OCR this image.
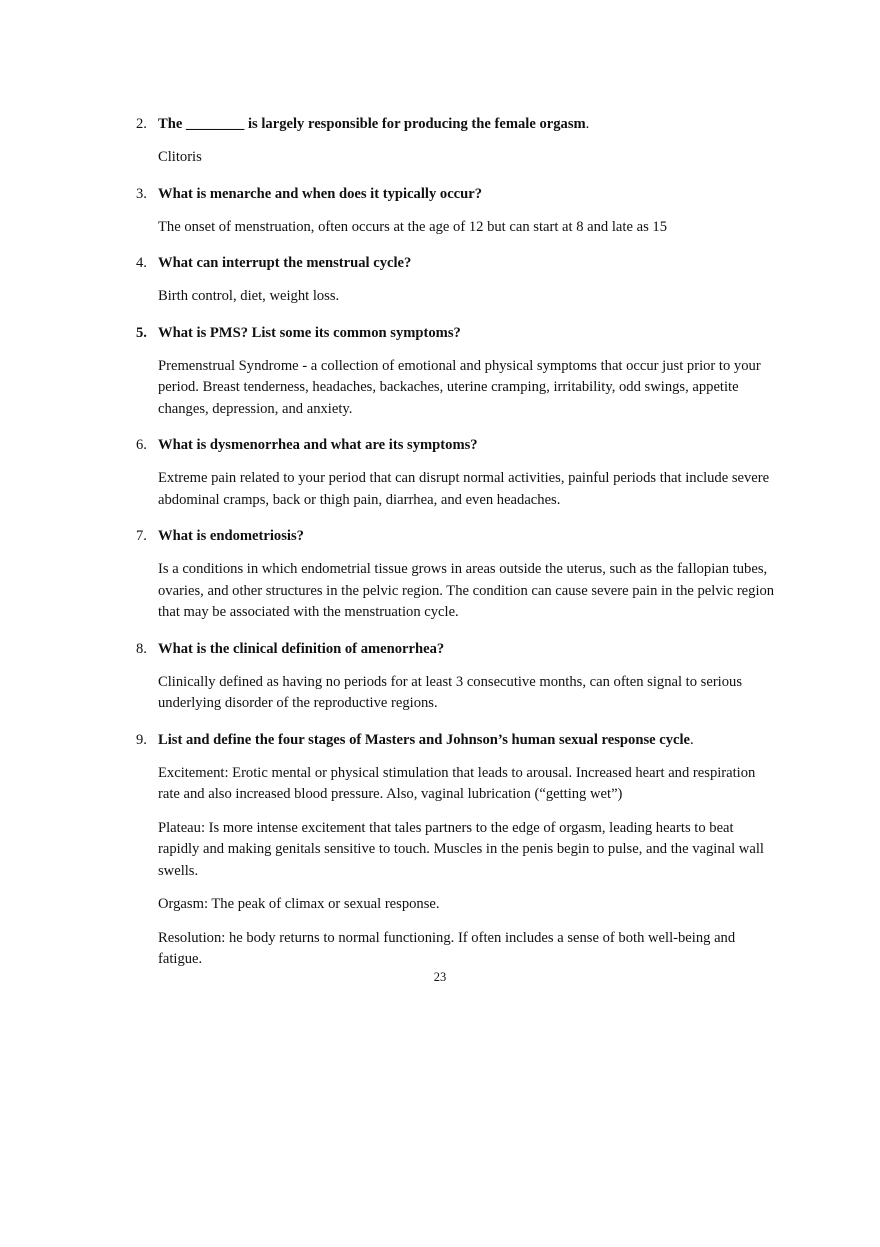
2. The ________ is largely responsible for producing the female orgasm.

Clitoris

3. What is menarche and when does it typically occur?

The onset of menstruation, often occurs at the age of 12 but can start at 8 and late as 15

4. What can interrupt the menstrual cycle?

Birth control, diet, weight loss.

5. What is PMS? List some its common symptoms?

Premenstrual Syndrome - a collection of emotional and physical symptoms that occur just prior to your period. Breast tenderness, headaches, backaches, uterine cramping, irritability, odd swings, appetite changes, depression, and anxiety.

6. What is dysmenorrhea and what are its symptoms?

Extreme pain related to your period that can disrupt normal activities, painful periods that include severe abdominal cramps, back or thigh pain, diarrhea, and even headaches.

7. What is endometriosis?

Is a conditions in which endometrial tissue grows in areas outside the uterus, such as the fallopian tubes, ovaries, and other structures in the pelvic region. The condition can cause severe pain in the pelvic region that may be associated with the menstruation cycle.

8. What is the clinical definition of amenorrhea?

Clinically defined as having no periods for at least 3 consecutive months, can often signal to serious underlying disorder of the reproductive regions.

9. List and define the four stages of Masters and Johnson’s human sexual response cycle.

Excitement: Erotic mental or physical stimulation that leads to arousal. Increased heart and respiration rate and also increased blood pressure. Also, vaginal lubrication (“getting wet”)

Plateau: Is more intense excitement that tales partners to the edge of orgasm, leading hearts to beat rapidly and making genitals sensitive to touch. Muscles in the penis begin to pulse, and the vaginal wall swells.

Orgasm: The peak of climax or sexual response.

Resolution: he body returns to normal functioning. If often includes a sense of both well-being and fatigue.

23
